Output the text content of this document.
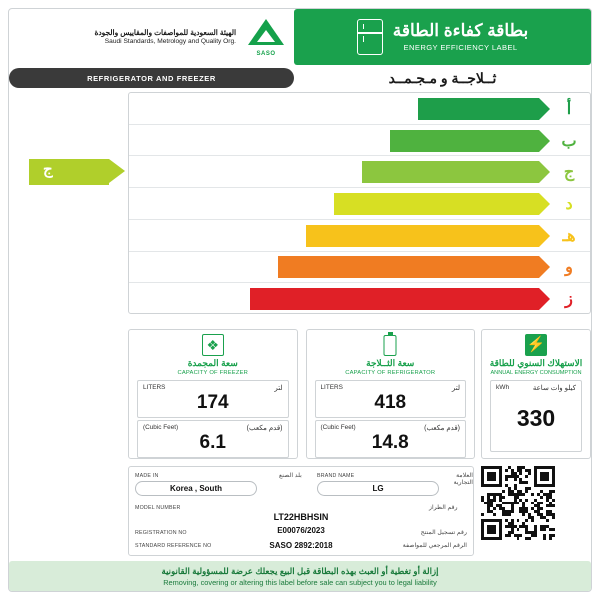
الهيئة السعودية للمواصفات والمقاييس والجودة
Saudi Standards, Metrology and Quality Org.
SASO
بطاقة كفاءة الطاقة
ENERGY EFFICIENCY LABEL
REFRIGERATOR AND FREEZER	ثــلاجــة و مـجـمــد
أ
ب
ج
د
هـ
و
ز
ج
❖
سعة المجمدة
CAPACITY OF FREEZER
LITERS	لتر
174
(Cubic Feet)	(قدم مكعب)
6.1
سعة الثــلاجة
CAPACITY OF REFRIGERATOR
LITERS	لتر
418
(Cubic Feet)	(قدم مكعب)
14.8
⚡
الاستهلاك السنوي للطاقة
ANNUAL ENERGY CONSUMPTION
kWh	كيلو وات ساعة
330
MADE IN	بلد الصنع
Korea , South
BRAND NAME	العلامة التجارية
LG
MODEL NUMBER	رقم الطراز
LT22HBHSIN
رقم تسجيل المنتج
REGISTRATION NO	E00076/2023
STANDARD REFERENCE NO	الرقم المرجعي للمواصفة
SASO 2892:2018
إزالة أو تغطية أو العبث بهذه البطاقة قبل البيع يجعلك عرضة للمسؤولية القانونية
Removing, covering or altering this label before sale can subject you to legal liability
